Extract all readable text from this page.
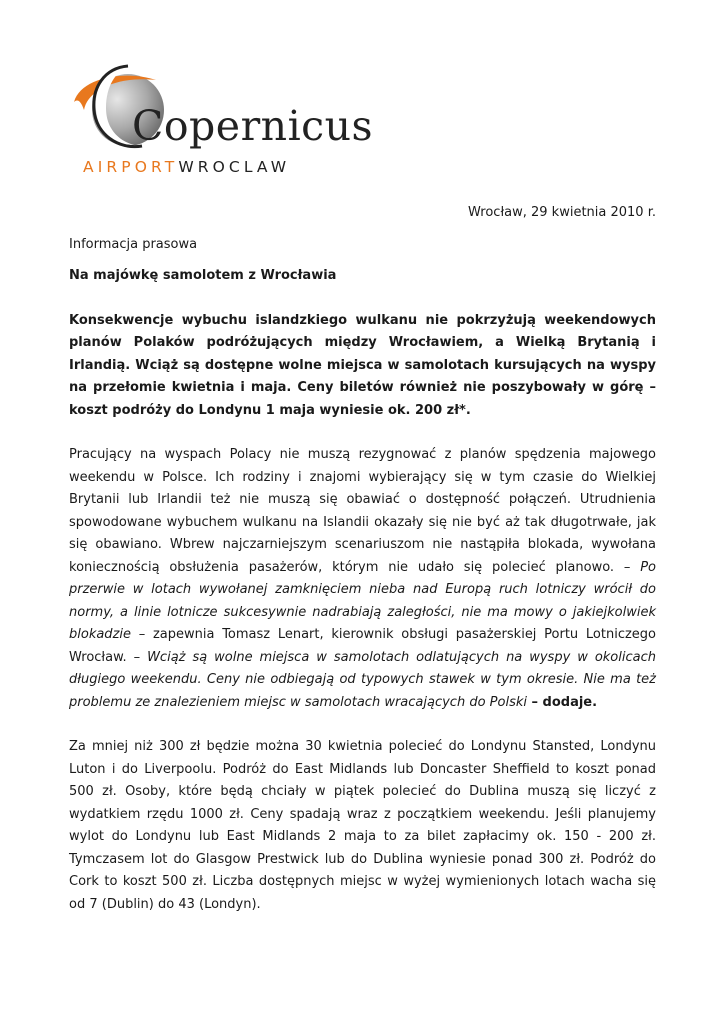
Copernicus
AIRPORTWROCLAW

Wrocław, 29 kwietnia 2010 r.

Informacja prasowa

Na majówkę samolotem z Wrocławia

Konsekwencje wybuchu islandzkiego wulkanu nie pokrzyżują weekendowych planów Polaków podróżujących między Wrocławiem, a Wielką Brytanią i Irlandią. Wciąż są dostępne wolne miejsca w samolotach kursujących na wyspy na przełomie kwietnia i maja. Ceny biletów również nie poszybowały w górę – koszt podróży do Londynu 1 maja wyniesie ok. 200 zł*.

Pracujący na wyspach Polacy nie muszą rezygnować z planów spędzenia majowego weekendu w Polsce. Ich rodziny i znajomi wybierający się w tym czasie do Wielkiej Brytanii lub Irlandii też nie muszą się obawiać o dostępność połączeń. Utrudnienia spowodowane wybuchem wulkanu na Islandii okazały się nie być aż tak długotrwałe, jak się obawiano. Wbrew najczarniejszym scenariuszom nie nastąpiła blokada, wywołana koniecznością obsłużenia pasażerów, którym nie udało się polecieć planowo. – Po przerwie w lotach wywołanej zamknięciem nieba nad Europą ruch lotniczy wrócił do normy, a linie lotnicze sukcesywnie nadrabiają zaległości, nie ma mowy o jakiejkolwiek blokadzie – zapewnia Tomasz Lenart, kierownik obsługi pasażerskiej Portu Lotniczego Wrocław. – Wciąż są wolne miejsca w samolotach odlatujących na wyspy w okolicach długiego weekendu. Ceny nie odbiegają od typowych stawek w tym okresie. Nie ma też problemu ze znalezieniem miejsc w samolotach wracających do Polski – dodaje.

Za mniej niż 300 zł będzie można 30 kwietnia polecieć do Londynu Stansted, Londynu Luton i do Liverpoolu. Podróż do East Midlands lub Doncaster Sheffield to koszt ponad 500 zł. Osoby, które będą chciały w piątek polecieć do Dublina muszą się liczyć z wydatkiem rzędu 1000 zł. Ceny spadają wraz z początkiem weekendu. Jeśli planujemy wylot do Londynu lub East Midlands 2 maja to za bilet zapłacimy ok. 150 - 200 zł. Tymczasem lot do Glasgow Prestwick lub do Dublina wyniesie ponad 300 zł. Podróż do Cork to koszt 500 zł. Liczba dostępnych miejsc w wyżej wymienionych lotach wacha się od 7 (Dublin) do 43 (Londyn).
